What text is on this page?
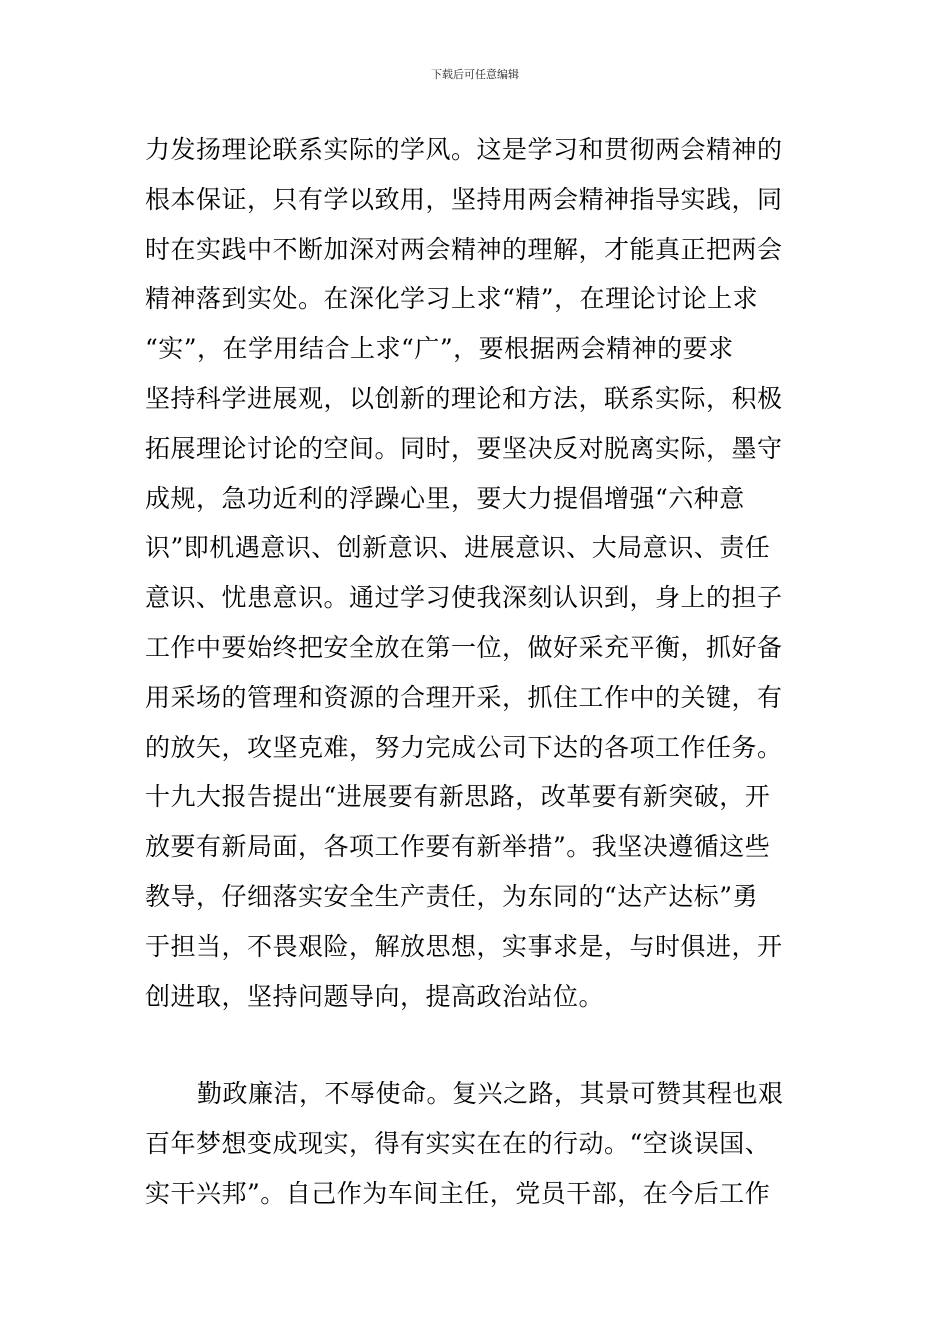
下载后可任意编辑
力发扬理论联系实际的学风。这是学习和贯彻两会精神的
根本保证，只有学以致用，坚持用两会精神指导实践，同
时在实践中不断加深对两会精神的理解，才能真正把两会
精神落到实处。在深化学习上求“精”，在理论讨论上求
“实”，在学用结合上求“广”，要根据两会精神的要求
坚持科学进展观，以创新的理论和方法，联系实际，积极
拓展理论讨论的空间。同时，要坚决反对脱离实际，墨守
成规，急功近利的浮躁心里，要大力提倡增强“六种意
识”即机遇意识、创新意识、进展意识、大局意识、责任
意识、忧患意识。通过学习使我深刻认识到，身上的担子
工作中要始终把安全放在第一位，做好采充平衡，抓好备
用采场的管理和资源的合理开采，抓住工作中的关键，有
的放矢，攻坚克难，努力完成公司下达的各项工作任务。
十九大报告提出“进展要有新思路，改革要有新突破，开
放要有新局面，各项工作要有新举措”。我坚决遵循这些
教导，仔细落实安全生产责任，为东同的“达产达标”勇
于担当，不畏艰险，解放思想，实事求是，与时俱进，开
创进取，坚持问题导向，提高政治站位。
勤政廉洁，不辱使命。复兴之路，其景可赞其程也艰
百年梦想变成现实，得有实实在在的行动。“空谈误国、
实干兴邦”。自己作为车间主任，党员干部，在今后工作
